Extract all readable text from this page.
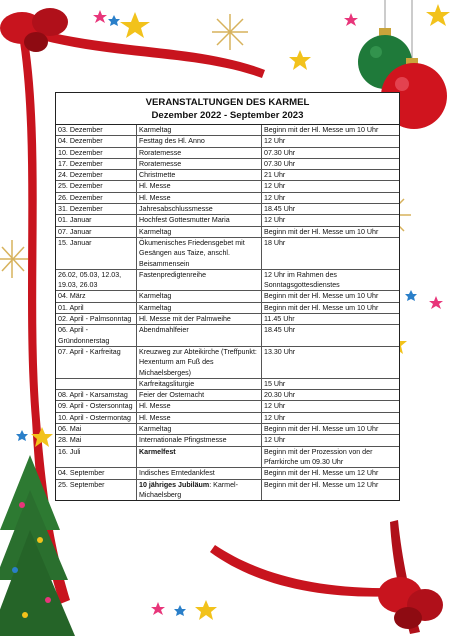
VERANSTALTUNGEN DES KARMEL
Dezember 2022 - September 2023
03. Dezember	Karmeltag	Beginn mit der Hl. Messe um 10 Uhr
04. Dezember	Festtag des Hl. Anno	12 Uhr
10. Dezember	Roratemesse	07.30 Uhr
17. Dezember	Roratemesse	07.30 Uhr
24. Dezember	Christmette	21 Uhr
25. Dezember	Hl. Messe	12 Uhr
26. Dezember	Hl. Messe	12 Uhr
31. Dezember	Jahresabschlussmesse	18.45 Uhr
01. Januar	Hochfest Gottesmutter Maria	12 Uhr
07. Januar	Karmeltag	Beginn mit der Hl. Messe um 10 Uhr
15. Januar	Ökumenisches Friedensgebet mit Gesängen aus Taize, anschl. Beisammensein	18 Uhr
26.02, 05.03, 12.03, 19.03, 26.03	Fastenpredigtenreihe	12 Uhr im Rahmen des Sonntagsgottesdienstes
04. März	Karmeltag	Beginn mit der Hl. Messe um 10 Uhr
01. April	Karmeltag	Beginn mit der Hl. Messe um 10 Uhr
02. April - Palmsonntag	Hl. Messe mit der Palmweihe	11.45 Uhr
06. April - Gründonnerstag	Abendmahlfeier	18.45 Uhr
07. April - Karfreitag	Kreuzweg zur Abteikirche (Treffpunkt: Hexenturm am Fuß des Michaelsberges)	13.30 Uhr
	Karfreitagsliturgie	15 Uhr
08. April - Karsamstag	Feier der Osternacht	20.30 Uhr
09. April - Ostersonntag	Hl. Messe	12 Uhr
10. April - Ostermontag	Hl. Messe	12 Uhr
06. Mai	Karmeltag	Beginn mit der Hl. Messe um 10 Uhr
28. Mai	Internationale Pfingstmesse	12 Uhr
16. Juli	Karmelfest	Beginn mit der Prozession von der Pfarrkirche um 09.30 Uhr
04. September	Indisches Erntedankfest	Beginn mit der Hl. Messe um 12 Uhr
25. September	10 jähriges Jubiläum: Karmel-Michaelsberg	Beginn mit der Hl. Messe um 12 Uhr
